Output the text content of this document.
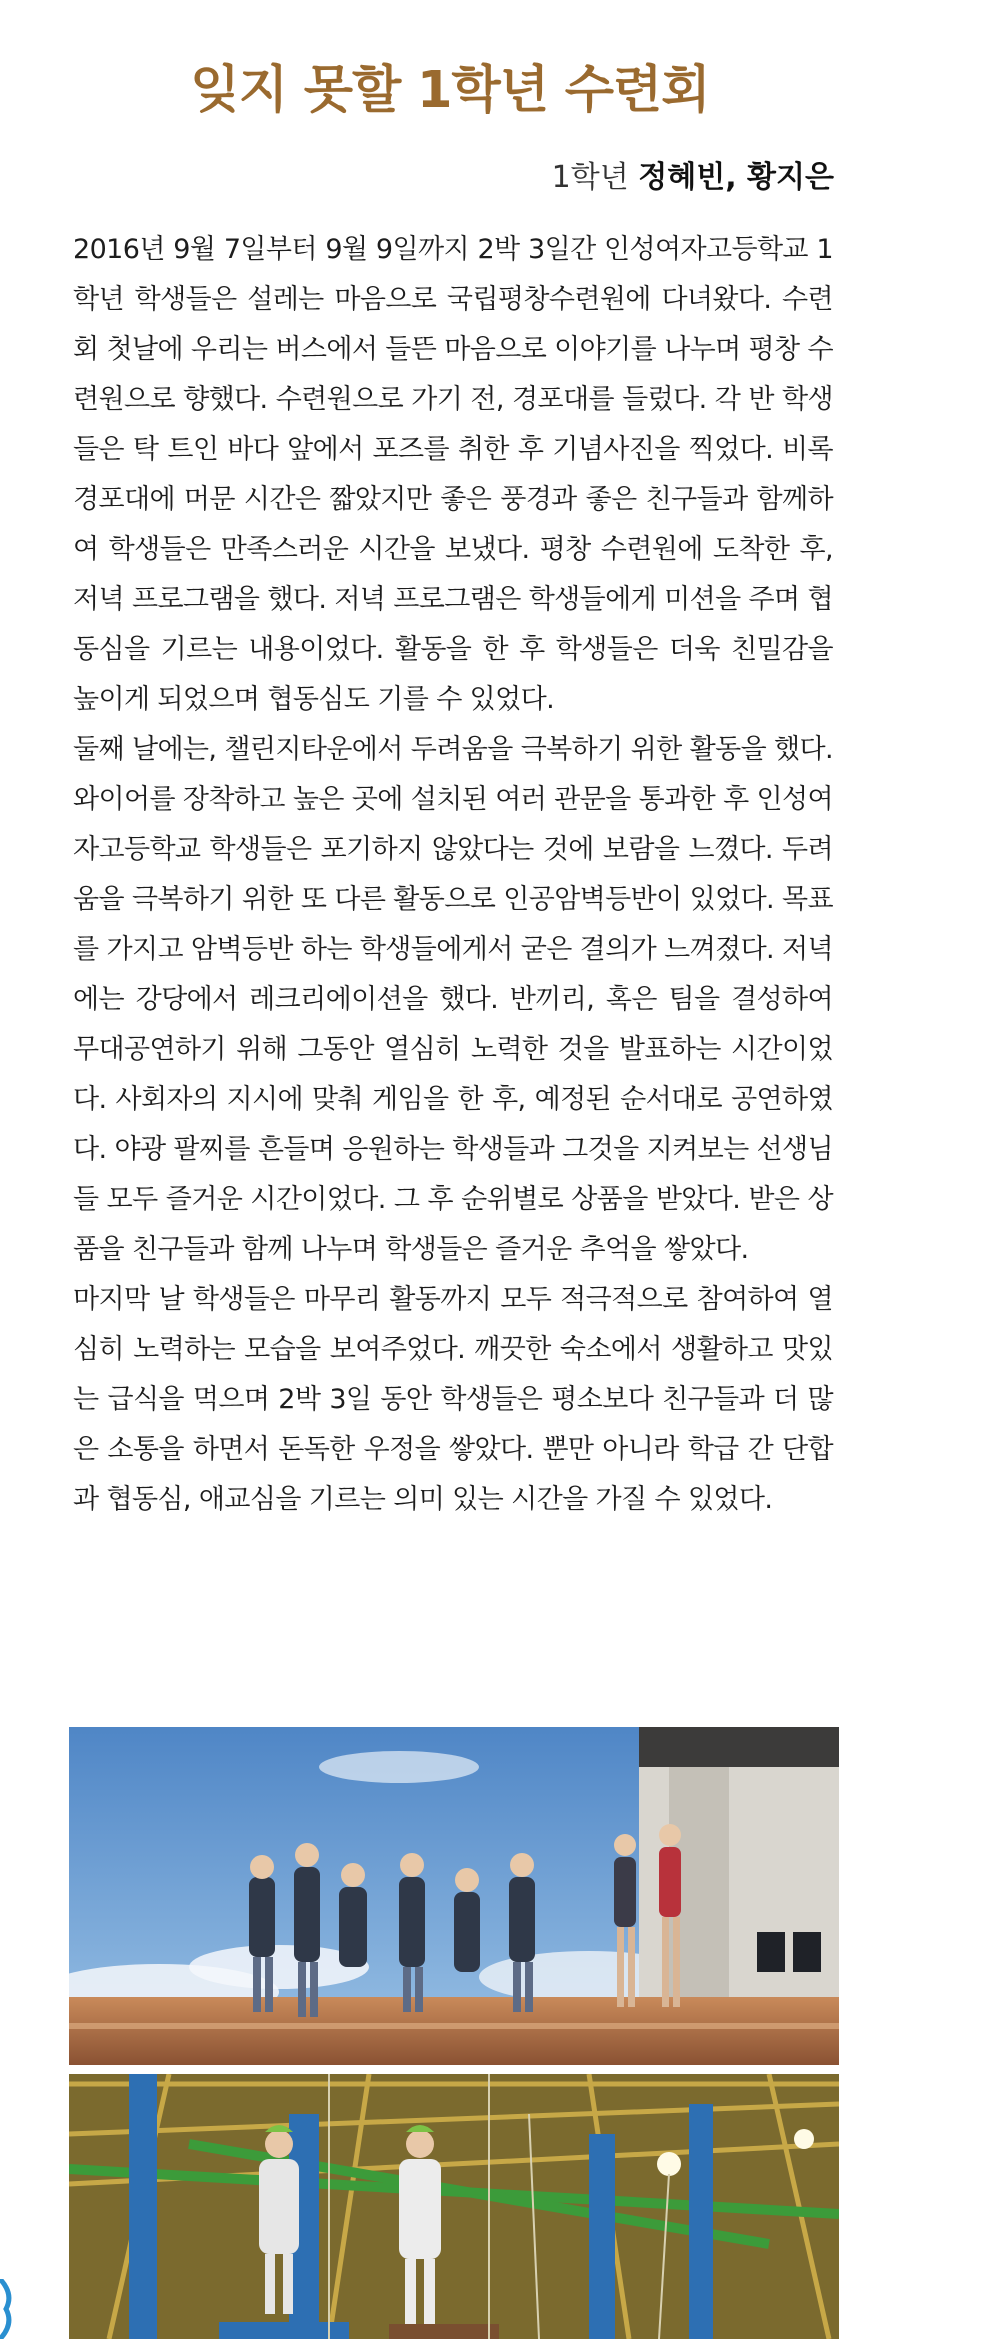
잊지 못할 1학년 수련회
1학년 정혜빈, 황지은

2016년 9월 7일부터 9월 9일까지 2박 3일간 인성여자고등학교 1학년 학생들은 설레는 마음으로 국립평창수련원에 다녀왔다. 수련회 첫날에 우리는 버스에서 들뜬 마음으로 이야기를 나누며 평창 수련원으로 향했다. 수련원으로 가기 전, 경포대를 들렀다. 각 반 학생들은 탁 트인 바다 앞에서 포즈를 취한 후 기념사진을 찍었다. 비록 경포대에 머문 시간은 짧았지만 좋은 풍경과 좋은 친구들과 함께하여 학생들은 만족스러운 시간을 보냈다. 평창 수련원에 도착한 후, 저녁 프로그램을 했다. 저녁 프로그램은 학생들에게 미션을 주며 협동심을 기르는 내용이었다. 활동을 한 후 학생들은 더욱 친밀감을 높이게 되었으며 협동심도 기를 수 있었다.

둘째 날에는, 챌린지타운에서 두려움을 극복하기 위한 활동을 했다. 와이어를 장착하고 높은 곳에 설치된 여러 관문을 통과한 후 인성여자고등학교 학생들은 포기하지 않았다는 것에 보람을 느꼈다. 두려움을 극복하기 위한 또 다른 활동으로 인공암벽등반이 있었다. 목표를 가지고 암벽등반 하는 학생들에게서 굳은 결의가 느껴졌다. 저녁에는 강당에서 레크리에이션을 했다. 반끼리, 혹은 팀을 결성하여 무대공연하기 위해 그동안 열심히 노력한 것을 발표하는 시간이었다. 사회자의 지시에 맞춰 게임을 한 후, 예정된 순서대로 공연하였다. 야광 팔찌를 흔들며 응원하는 학생들과 그것을 지켜보는 선생님들 모두 즐거운 시간이었다. 그 후 순위별로 상품을 받았다. 받은 상품을 친구들과 함께 나누며 학생들은 즐거운 추억을 쌓았다.

마지막 날 학생들은 마무리 활동까지 모두 적극적으로 참여하여 열심히 노력하는 모습을 보여주었다. 깨끗한 숙소에서 생활하고 맛있는 급식을 먹으며 2박 3일 동안 학생들은 평소보다 친구들과 더 많은 소통을 하면서 돈독한 우정을 쌓았다. 뿐만 아니라 학급 간 단합과 협동심, 애교심을 기르는 의미 있는 시간을 가질 수 있었다.
